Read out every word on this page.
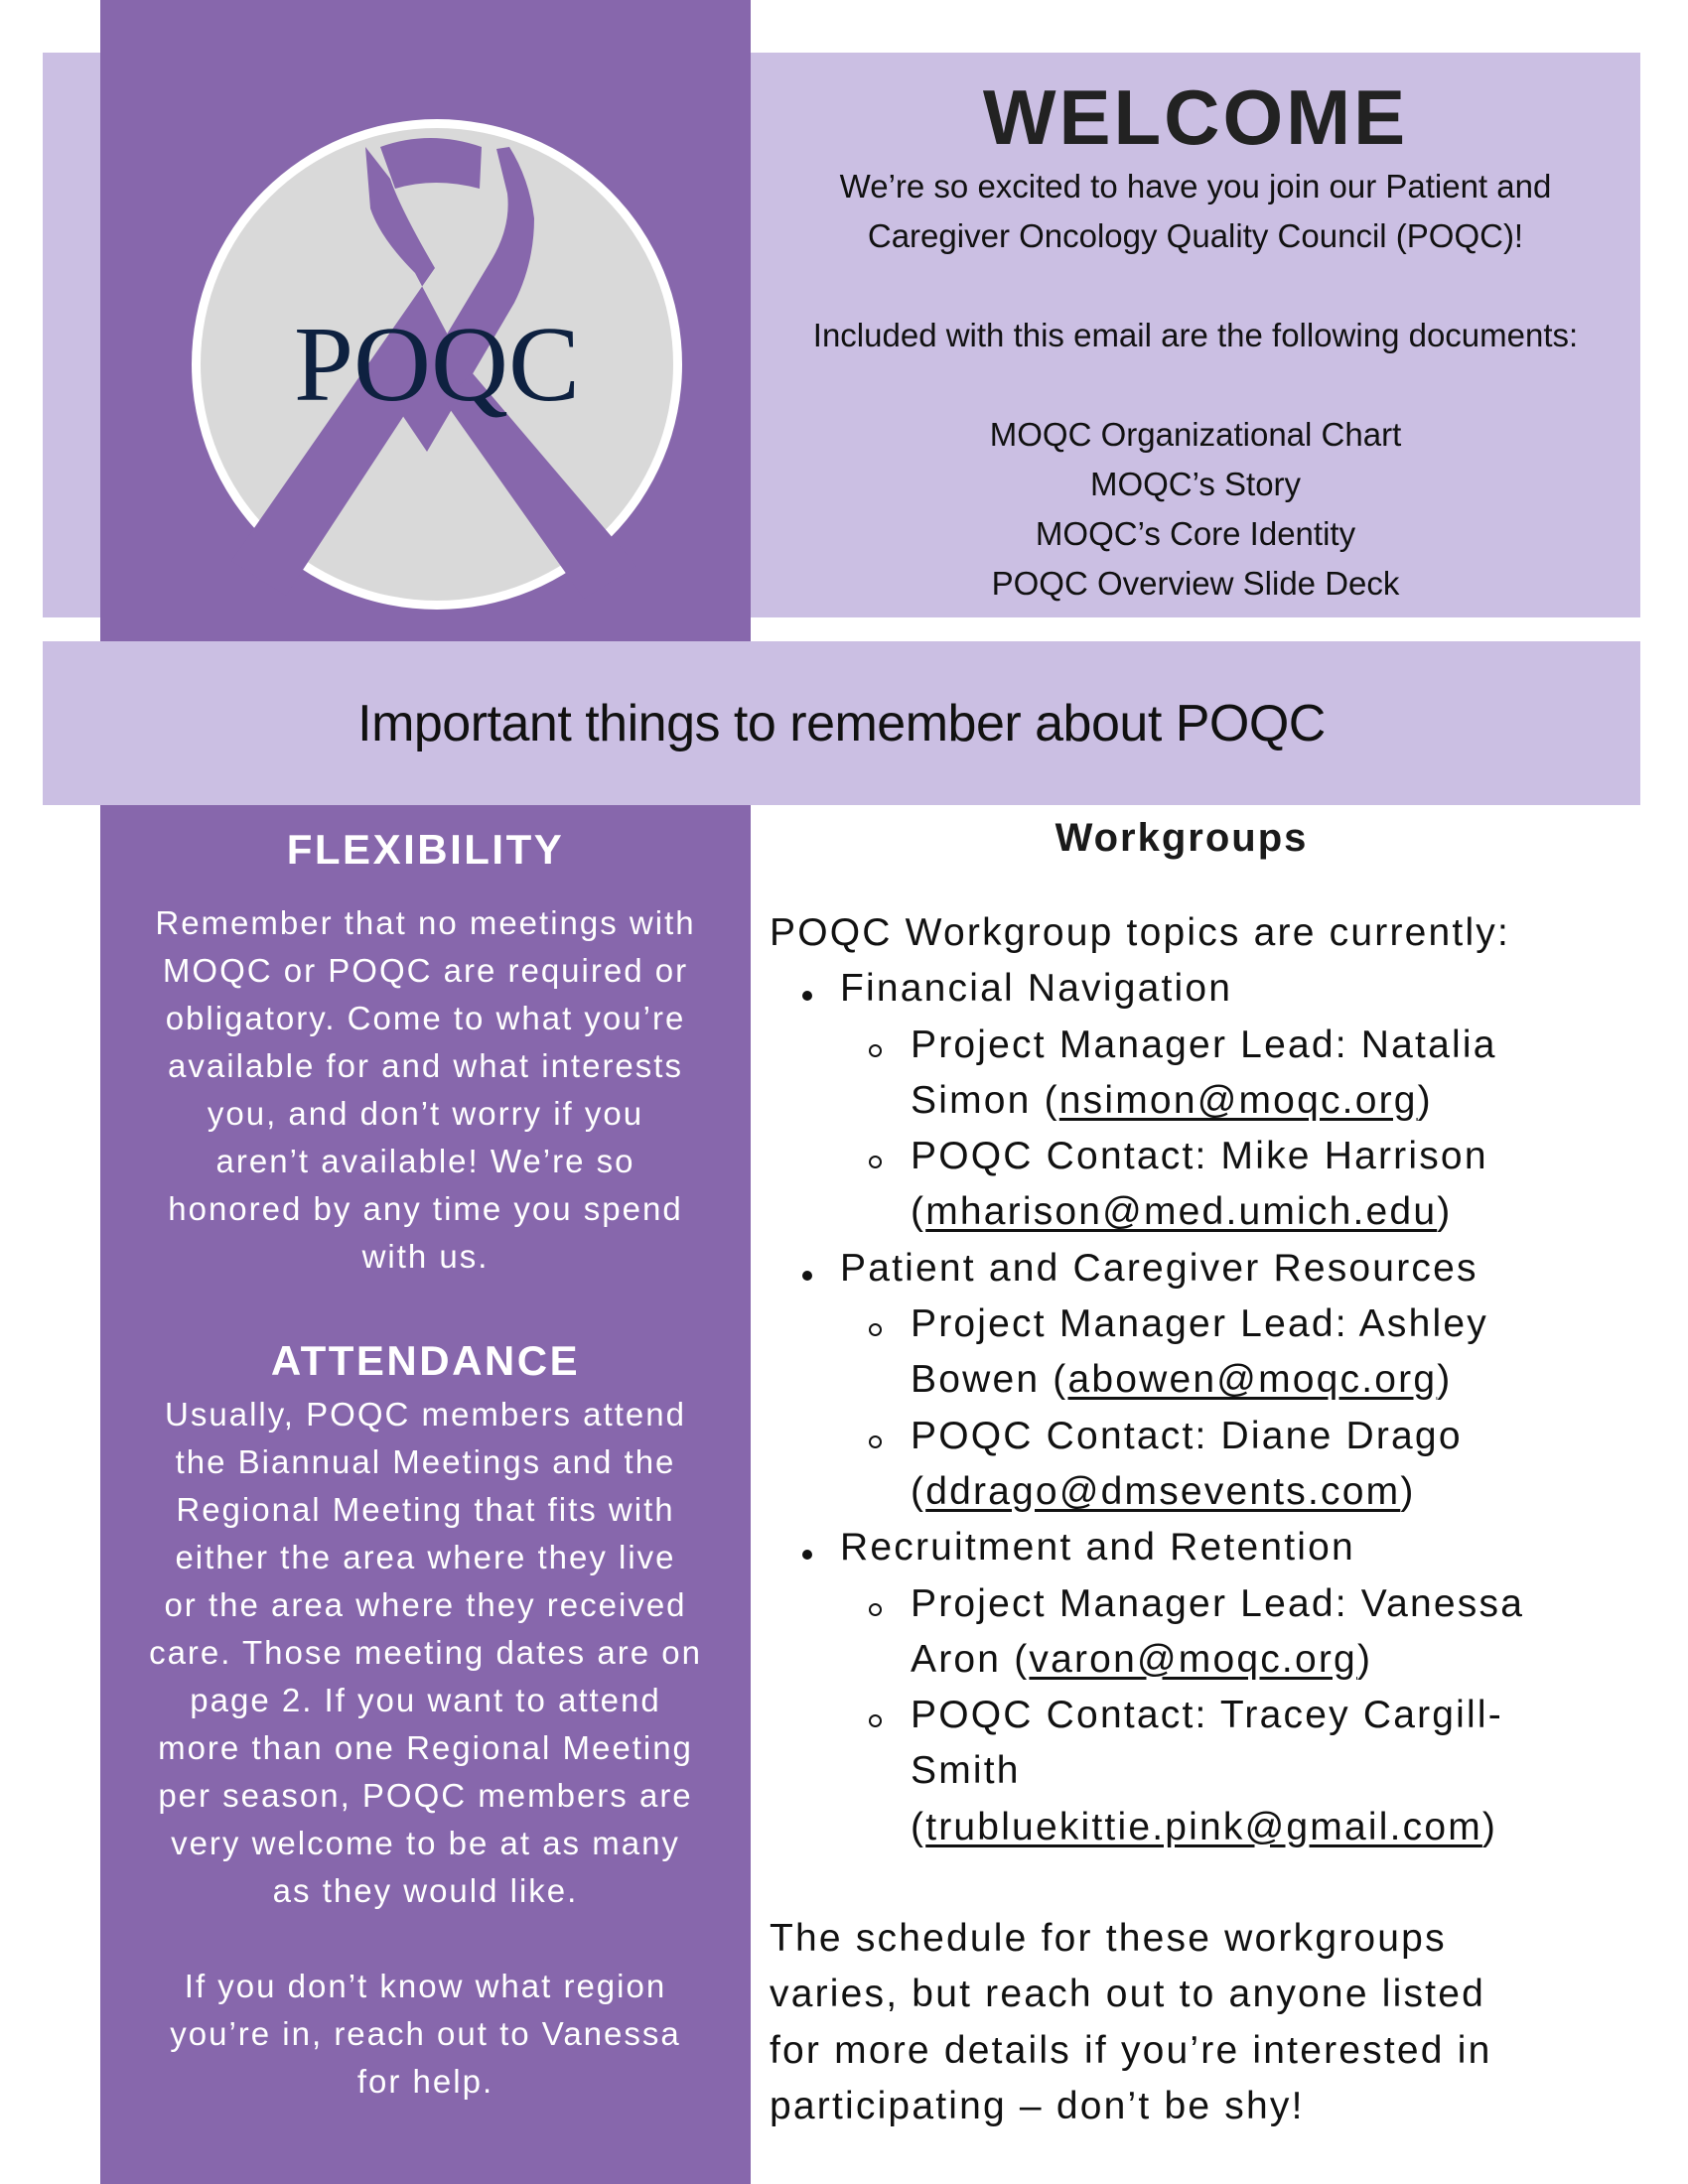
Important things to remember about POQC
POQC
WELCOME
We’re so excited to have you join our Patient and
Caregiver Oncology Quality Council (POQC)!
Included with this email are the following documents:
MOQC Organizational Chart
MOQC’s Story
MOQC’s Core Identity
POQC Overview Slide Deck
FLEXIBILITY
Remember that no meetings with
MOQC or POQC are required or
obligatory. Come to what you’re
available for and what interests
you, and don’t worry if you
aren’t available! We’re so
honored by any time you spend
with us.
ATTENDANCE
Usually, POQC members attend
the Biannual Meetings and the
Regional Meeting that fits with
either the area where they live
or the area where they received
care. Those meeting dates are on
page 2. If you want to attend
more than one Regional Meeting
per season, POQC members are
very welcome to be at as many
as they would like.
If you don’t know what region
you’re in, reach out to Vanessa
for help.
Workgroups
POQC Workgroup topics are currently:
Financial Navigation
Project Manager Lead: Natalia
Simon (nsimon@moqc.org)
POQC Contact: Mike Harrison
(mharison@med.umich.edu)
Patient and Caregiver Resources
Project Manager Lead: Ashley
Bowen (abowen@moqc.org)
POQC Contact: Diane Drago
(ddrago@dmsevents.com)
Recruitment and Retention
Project Manager Lead: Vanessa
Aron (varon@moqc.org)
POQC Contact: Tracey Cargill-
Smith
(trubluekittie.pink@gmail.com)
The schedule for these workgroups
varies, but reach out to anyone listed
for more details if you’re interested in
participating – don’t be shy!
